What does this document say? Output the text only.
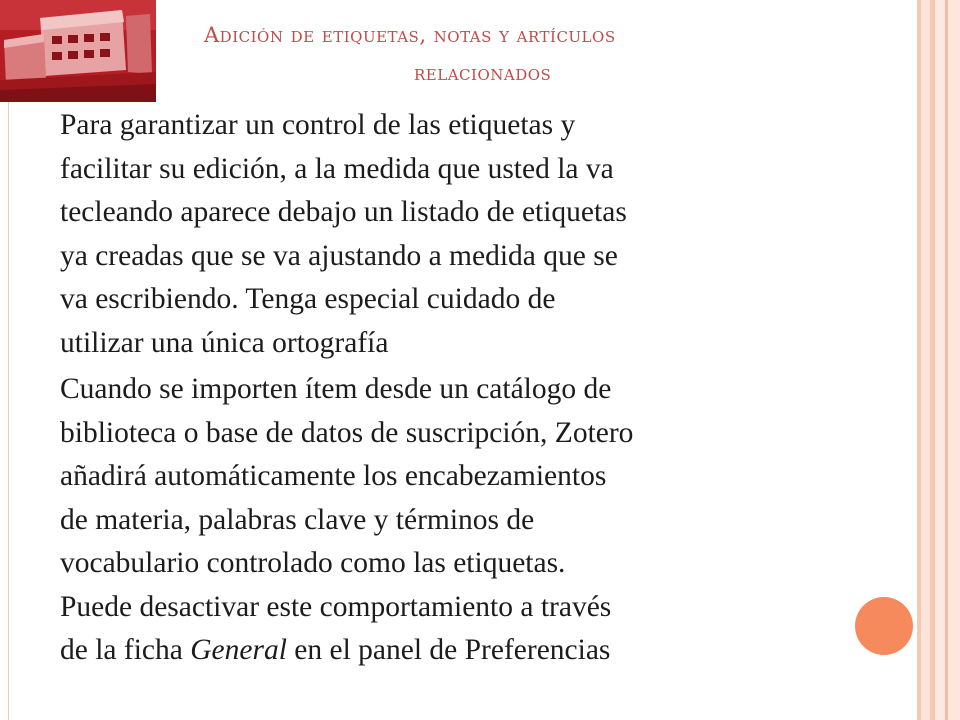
Adición de etiquetas, notas y artículos
relacionados

Para garantizar un control de las etiquetas y
facilitar su edición, a la medida que usted la va
tecleando aparece debajo un listado de etiquetas
ya creadas que se va ajustando a medida que se
va escribiendo. Tenga especial cuidado de
utilizar una única ortografía

Cuando se importen ítem desde un catálogo de
biblioteca o base de datos de suscripción, Zotero
añadirá automáticamente los encabezamientos
de materia, palabras clave y términos de
vocabulario controlado como las etiquetas.
Puede desactivar este comportamiento a través
de la ficha General en el panel de Preferencias
